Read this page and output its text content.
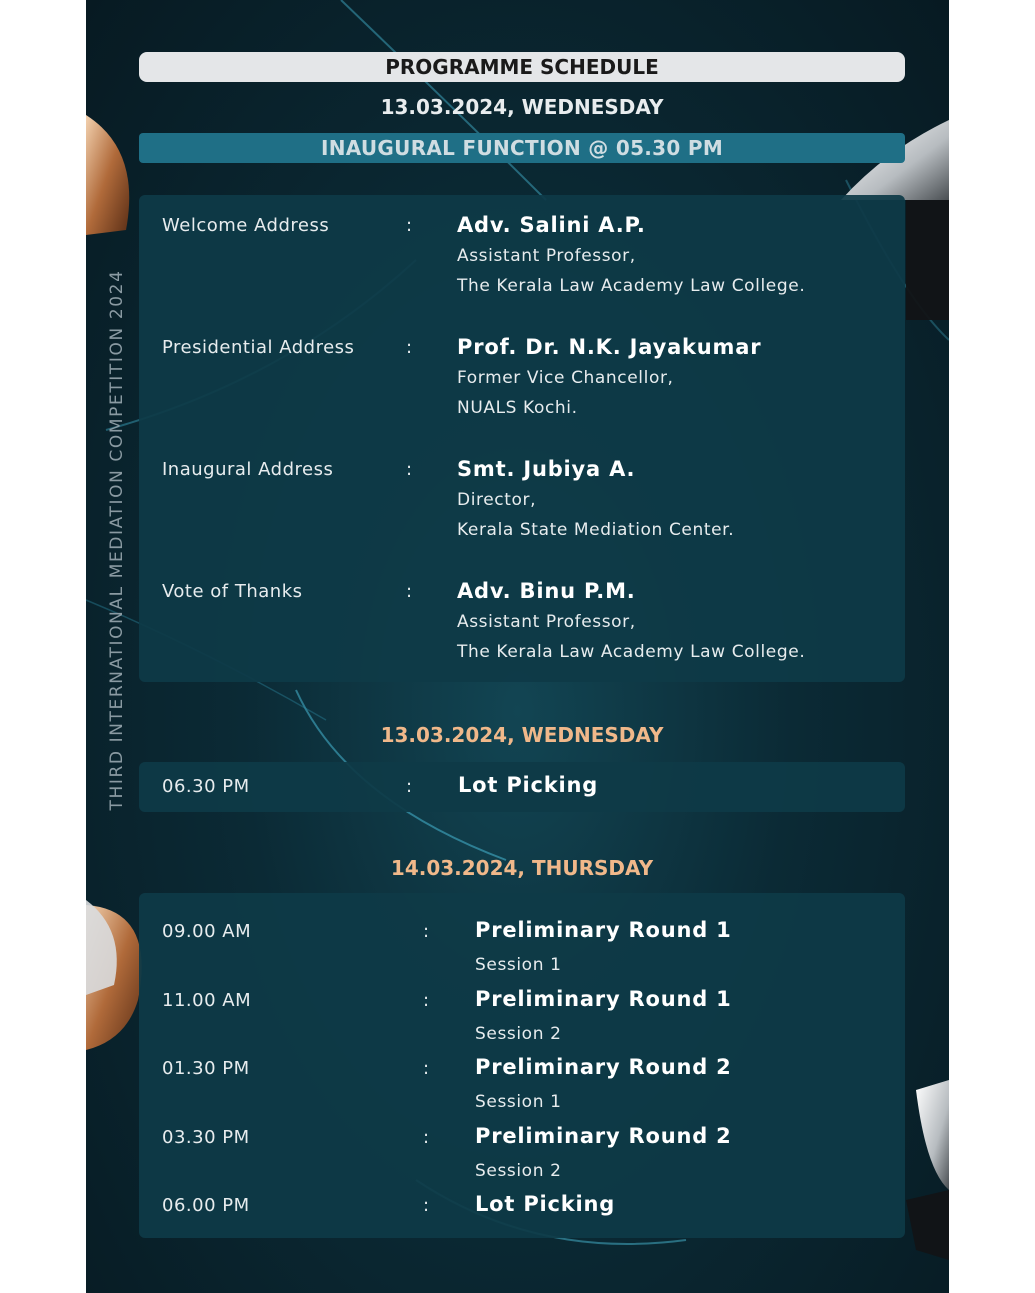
THIRD INTERNATIONAL MEDIATION COMPETITION 2024
PROGRAMME SCHEDULE
13.03.2024, WEDNESDAY
INAUGURAL FUNCTION @ 05.30 PM
Welcome Address	: Adv. Salini A.P.
Assistant Professor,
The Kerala Law Academy Law College.
Presidential Address	: Prof. Dr. N.K. Jayakumar
Former Vice Chancellor,
NUALS Kochi.
Inaugural Address	: Smt. Jubiya A.
Director,
Kerala State Mediation Center.
Vote of Thanks	: Adv. Binu P.M.
Assistant Professor,
The Kerala Law Academy Law College.
13.03.2024, WEDNESDAY
06.30 PM	: Lot Picking
14.03.2024, THURSDAY
09.00 AM	: Preliminary Round 1
Session 1
11.00 AM	: Preliminary Round 1
Session 2
01.30 PM	: Preliminary Round 2
Session 1
03.30 PM	: Preliminary Round 2
Session 2
06.00 PM	: Lot Picking
